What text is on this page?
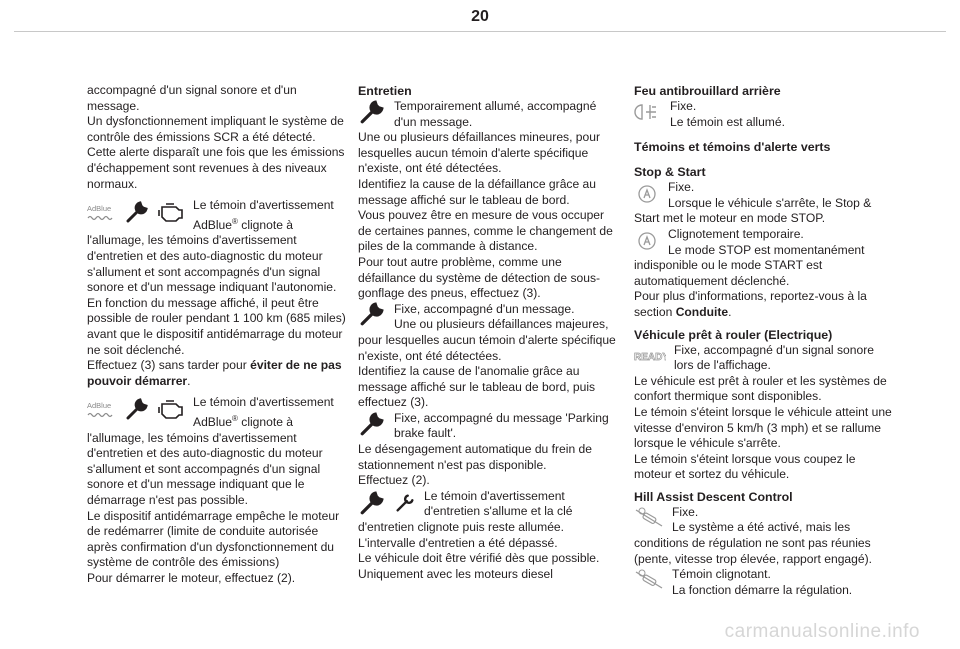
20

accompagné d'un signal sonore et d'un message.

Un dysfonctionnement impliquant le système de contrôle des émissions SCR a été détecté.

Cette alerte disparaît une fois que les émissions d'échappement sont revenues à des niveaux normaux.

AdBlue	Le témoin d'avertissement AdBlue® clignote à l'allumage, les témoins d'avertissement d'entretien et des auto-diagnostic du moteur s'allument et sont accompagnés d'un signal sonore et d'un message indiquant l'autonomie.

En fonction du message affiché, il peut être possible de rouler pendant 1 100 km (685 miles) avant que le dispositif antidémarrage du moteur ne soit déclenché.

Effectuez (3) sans tarder pour éviter de ne pas pouvoir démarrer.

AdBlue	Le témoin d'avertissement AdBlue® clignote à l'allumage, les témoins d'avertissement d'entretien et des auto-diagnostic du moteur s'allument et sont accompagnés d'un signal sonore et d'un message indiquant que le démarrage n'est pas possible.

Le dispositif antidémarrage empêche le moteur de redémarrer (limite de conduite autorisée après confirmation d'un dysfonctionnement du système de contrôle des émissions)

Pour démarrer le moteur, effectuez (2).

Entretien

Temporairement allumé, accompagné d'un message.

Une ou plusieurs défaillances mineures, pour lesquelles aucun témoin d'alerte spécifique n'existe, ont été détectées.

Identifiez la cause de la défaillance grâce au message affiché sur le tableau de bord.

Vous pouvez être en mesure de vous occuper de certaines pannes, comme le changement de piles de la commande à distance.

Pour tout autre problème, comme une défaillance du système de détection de sous-gonflage des pneus, effectuez (3).

Fixe, accompagné d'un message.

Une ou plusieurs défaillances majeures, pour lesquelles aucun témoin d'alerte spécifique n'existe, ont été détectées.

Identifiez la cause de l'anomalie grâce au message affiché sur le tableau de bord, puis effectuez (3).

Fixe, accompagné du message 'Parking brake fault'.

Le désengagement automatique du frein de stationnement n'est pas disponible.

Effectuez (2).

Le témoin d'avertissement d'entretien s'allume et la clé d'entretien clignote puis reste allumée.

L'intervalle d'entretien a été dépassé.

Le véhicule doit être vérifié dès que possible.

Uniquement avec les moteurs diesel

Feu antibrouillard arrière

Fixe.

Le témoin est allumé.

Témoins et témoins d'alerte verts
Stop & Start

Fixe.

Lorsque le véhicule s'arrête, le Stop & Start met le moteur en mode STOP.

Clignotement temporaire.

Le mode STOP est momentanément indisponible ou le mode START est automatiquement déclenché.

Pour plus d'informations, reportez-vous à la section Conduite.

Véhicule prêt à rouler (Electrique)
READY

Fixe, accompagné d'un signal sonore lors de l'affichage.

Le véhicule est prêt à rouler et les systèmes de confort thermique sont disponibles.

Le témoin s'éteint lorsque le véhicule atteint une vitesse d'environ 5 km/h (3 mph) et se rallume lorsque le véhicule s'arrête.

Le témoin s'éteint lorsque vous coupez le moteur et sortez du véhicule.

Hill Assist Descent Control

Fixe.

Le système a été activé, mais les conditions de régulation ne sont pas réunies (pente, vitesse trop élevée, rapport engagé).

Témoin clignotant.

La fonction démarre la régulation.

carmanualsonline.info
